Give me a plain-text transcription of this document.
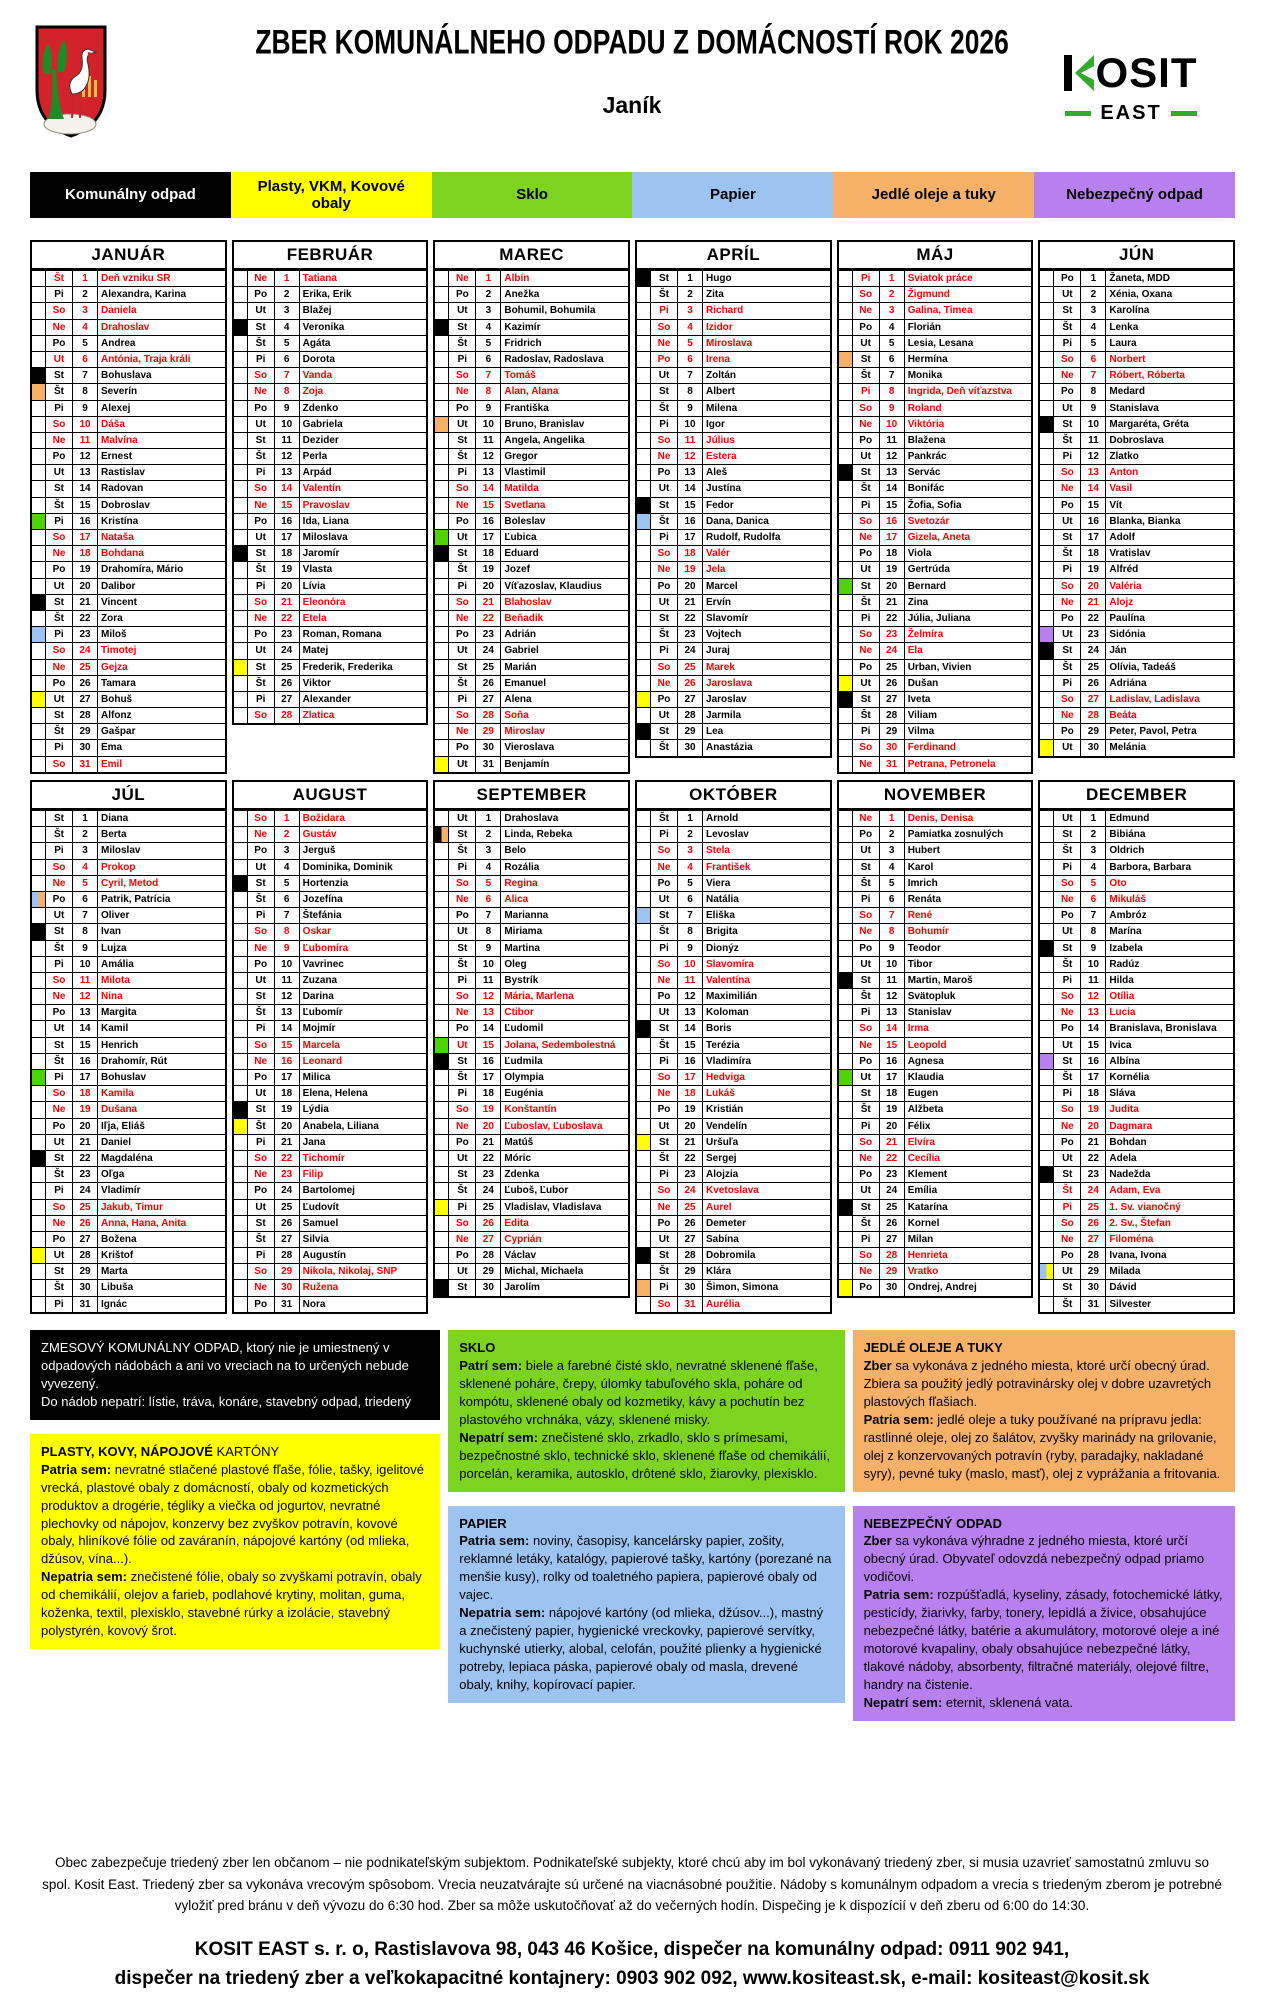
ZBER KOMUNÁLNEHO ODPADU Z DOMÁCNOSTÍ ROK 2026
Janík
OSIT
EAST
Komunálny odpad
Plasty, VKM, Kovové obaly
Sklo	Papier	Jedlé oleje a tuky	Nebezpečný odpad
JANUÁR
Št	1	Deň vzniku SR
Pi	2	Alexandra, Karina
So	3	Daniela
Ne	4	Drahoslav
Po	5	Andrea
Ut	6	Antónia, Traja králi
St	7	Bohuslava
Št	8	Severín
Pi	9	Alexej
So	10	Dáša
Ne	11	Malvína
Po	12	Ernest
Ut	13	Rastislav
St	14	Radovan
Št	15	Dobroslav
Pi	16	Kristína
So	17	Nataša
Ne	18	Bohdana
Po	19	Drahomíra, Mário
Ut	20	Dalibor
St	21	Vincent
Št	22	Zora
Pi	23	Miloš
So	24	Timotej
Ne	25	Gejza
Po	26	Tamara
Ut	27	Bohuš
St	28	Alfonz
Št	29	Gašpar
Pi	30	Ema
So	31	Emil
FEBRUÁR
Ne	1	Tatiana
Po	2	Erika, Erik
Ut	3	Blažej
St	4	Veronika
Št	5	Agáta
Pi	6	Dorota
So	7	Vanda
Ne	8	Zoja
Po	9	Zdenko
Ut	10	Gabriela
St	11	Dezider
Št	12	Perla
Pi	13	Arpád
So	14	Valentín
Ne	15	Pravoslav
Po	16	Ida, Liana
Ut	17	Miloslava
St	18	Jaromír
Št	19	Vlasta
Pi	20	Lívia
So	21	Eleonóra
Ne	22	Etela
Po	23	Roman, Romana
Ut	24	Matej
St	25	Frederik, Frederika
Št	26	Viktor
Pi	27	Alexander
So	28	Zlatica
MAREC
Ne	1	Albín
Po	2	Anežka
Ut	3	Bohumil, Bohumila
St	4	Kazimír
Št	5	Fridrich
Pi	6	Radoslav, Radoslava
So	7	Tomáš
Ne	8	Alan, Alana
Po	9	Františka
Ut	10	Bruno, Branislav
St	11	Angela, Angelika
Št	12	Gregor
Pi	13	Vlastimil
So	14	Matilda
Ne	15	Svetlana
Po	16	Boleslav
Ut	17	Ľubica
St	18	Eduard
Št	19	Jozef
Pi	20	Víťazoslav, Klaudius
So	21	Blahoslav
Ne	22	Beňadik
Po	23	Adrián
Ut	24	Gabriel
St	25	Marián
Št	26	Emanuel
Pi	27	Alena
So	28	Soňa
Ne	29	Miroslav
Po	30	Vieroslava
Ut	31	Benjamín
APRÍL
St	1	Hugo
Št	2	Zita
Pi	3	Richard
So	4	Izidor
Ne	5	Miroslava
Po	6	Irena
Ut	7	Zoltán
St	8	Albert
Št	9	Milena
Pi	10	Igor
So	11	Július
Ne	12	Estera
Po	13	Aleš
Ut	14	Justína
St	15	Fedor
Št	16	Dana, Danica
Pi	17	Rudolf, Rudolfa
So	18	Valér
Ne	19	Jela
Po	20	Marcel
Ut	21	Ervín
St	22	Slavomír
Št	23	Vojtech
Pi	24	Juraj
So	25	Marek
Ne	26	Jaroslava
Po	27	Jaroslav
Ut	28	Jarmila
St	29	Lea
Št	30	Anastázia
MÁJ
Pi	1	Sviatok práce
So	2	Žigmund
Ne	3	Galina, Timea
Po	4	Florián
Ut	5	Lesia, Lesana
St	6	Hermína
Št	7	Monika
Pi	8	Ingrida, Deň víťazstva
So	9	Roland
Ne	10	Viktória
Po	11	Blažena
Ut	12	Pankrác
St	13	Servác
Št	14	Bonifác
Pi	15	Žofia, Sofia
So	16	Svetozár
Ne	17	Gizela, Aneta
Po	18	Viola
Ut	19	Gertrúda
St	20	Bernard
Št	21	Zina
Pi	22	Júlia, Juliana
So	23	Želmíra
Ne	24	Ela
Po	25	Urban, Vivien
Ut	26	Dušan
St	27	Iveta
Št	28	Viliam
Pi	29	Vilma
So	30	Ferdinand
Ne	31	Petrana, Petronela
JÚN
Po	1	Žaneta, MDD
Ut	2	Xénia, Oxana
St	3	Karolína
Št	4	Lenka
Pi	5	Laura
So	6	Norbert
Ne	7	Róbert, Róberta
Po	8	Medard
Ut	9	Stanislava
St	10	Margaréta, Gréta
Št	11	Dobroslava
Pi	12	Zlatko
So	13	Anton
Ne	14	Vasil
Po	15	Vít
Ut	16	Blanka, Bianka
St	17	Adolf
Št	18	Vratislav
Pi	19	Alfréd
So	20	Valéria
Ne	21	Alojz
Po	22	Paulína
Ut	23	Sidónia
St	24	Ján
Št	25	Olívia, Tadeáš
Pi	26	Adriána
So	27	Ladislav, Ladislava
Ne	28	Beáta
Po	29	Peter, Pavol, Petra
Ut	30	Melánia
JÚL
St	1	Diana
Št	2	Berta
Pi	3	Miloslav
So	4	Prokop
Ne	5	Cyril, Metod
Po	6	Patrik, Patrícia
Ut	7	Oliver
St	8	Ivan
Št	9	Lujza
Pi	10	Amália
So	11	Milota
Ne	12	Nina
Po	13	Margita
Ut	14	Kamil
St	15	Henrich
Št	16	Drahomír, Rút
Pi	17	Bohuslav
So	18	Kamila
Ne	19	Dušana
Po	20	Iľja, Eliáš
Ut	21	Daniel
St	22	Magdaléna
Št	23	Oľga
Pi	24	Vladimír
So	25	Jakub, Timur
Ne	26	Anna, Hana, Anita
Po	27	Božena
Ut	28	Krištof
St	29	Marta
Št	30	Libuša
Pi	31	Ignác
AUGUST
So	1	Božidara
Ne	2	Gustáv
Po	3	Jerguš
Ut	4	Dominika, Dominik
St	5	Hortenzia
Št	6	Jozefína
Pi	7	Štefánia
So	8	Oskar
Ne	9	Ľubomíra
Po	10	Vavrinec
Ut	11	Zuzana
St	12	Darina
Št	13	Ľubomír
Pi	14	Mojmír
So	15	Marcela
Ne	16	Leonard
Po	17	Milica
Ut	18	Elena, Helena
St	19	Lýdia
Št	20	Anabela, Liliana
Pi	21	Jana
So	22	Tichomír
Ne	23	Filip
Po	24	Bartolomej
Ut	25	Ľudovít
St	26	Samuel
Št	27	Silvia
Pi	28	Augustín
So	29	Nikola, Nikolaj, SNP
Ne	30	Ružena
Po	31	Nora
SEPTEMBER
Ut	1	Drahoslava
St	2	Linda, Rebeka
Št	3	Belo
Pi	4	Rozália
So	5	Regina
Ne	6	Alica
Po	7	Marianna
Ut	8	Miriama
St	9	Martina
Št	10	Oleg
Pi	11	Bystrík
So	12	Mária, Marlena
Ne	13	Ctibor
Po	14	Ľudomil
Ut	15	Jolana, Sedembolestná
St	16	Ľudmila
Št	17	Olympia
Pi	18	Eugénia
So	19	Konštantín
Ne	20	Ľuboslav, Ľuboslava
Po	21	Matúš
Ut	22	Móric
St	23	Zdenka
Št	24	Ľuboš, Ľubor
Pi	25	Vladislav, Vladislava
So	26	Edita
Ne	27	Cyprián
Po	28	Václav
Ut	29	Michal, Michaela
St	30	Jarolím
OKTÓBER
Št	1	Arnold
Pi	2	Levoslav
So	3	Stela
Ne	4	František
Po	5	Viera
Ut	6	Natália
St	7	Eliška
Št	8	Brigita
Pi	9	Dionýz
So	10	Slavomíra
Ne	11	Valentína
Po	12	Maximilián
Ut	13	Koloman
St	14	Boris
Št	15	Terézia
Pi	16	Vladimíra
So	17	Hedviga
Ne	18	Lukáš
Po	19	Kristián
Ut	20	Vendelín
St	21	Uršuľa
Št	22	Sergej
Pi	23	Alojzia
So	24	Kvetoslava
Ne	25	Aurel
Po	26	Demeter
Ut	27	Sabína
St	28	Dobromila
Št	29	Klára
Pi	30	Šimon, Simona
So	31	Aurélia
NOVEMBER
Ne	1	Denis, Denisa
Po	2	Pamiatka zosnulých
Ut	3	Hubert
St	4	Karol
Št	5	Imrich
Pi	6	Renáta
So	7	René
Ne	8	Bohumír
Po	9	Teodor
Ut	10	Tibor
St	11	Martin, Maroš
Št	12	Svätopluk
Pi	13	Stanislav
So	14	Irma
Ne	15	Leopold
Po	16	Agnesa
Ut	17	Klaudia
St	18	Eugen
Št	19	Alžbeta
Pi	20	Félix
So	21	Elvíra
Ne	22	Cecília
Po	23	Klement
Ut	24	Emília
St	25	Katarína
Št	26	Kornel
Pi	27	Milan
So	28	Henrieta
Ne	29	Vratko
Po	30	Ondrej, Andrej
DECEMBER
Ut	1	Edmund
St	2	Bibiána
Št	3	Oldrich
Pi	4	Barbora, Barbara
So	5	Oto
Ne	6	Mikuláš
Po	7	Ambróz
Ut	8	Marína
St	9	Izabela
Št	10	Radúz
Pi	11	Hilda
So	12	Otília
Ne	13	Lucia
Po	14	Branislava, Bronislava
Ut	15	Ivica
St	16	Albína
Št	17	Kornélia
Pi	18	Sláva
So	19	Judita
Ne	20	Dagmara
Po	21	Bohdan
Ut	22	Adela
St	23	Nadežda
Št	24	Adam, Eva
Pi	25	1. Sv. vianočný
So	26	2. Sv., Štefan
Ne	27	Filoména
Po	28	Ivana, Ivona
Ut	29	Milada
St	30	Dávid
Št	31	Silvester

ZMESOVÝ KOMUNÁLNY ODPAD, ktorý nie je umiestnený v odpadových nádobách a ani vo vreciach na to určených nebude vyvezený.

Do nádob nepatrí: lístie, tráva, konáre, stavebný odpad, triedený

PLASTY, KOVY, NÁPOJOVÉ KARTÓNY

Patria sem: nevratné stlačené plastové fľaše, fólie, tašky, igelitové vrecká, plastové obaly z domácností, obaly od kozmetických produktov a drogérie, tégliky a viečka od jogurtov, nevratné plechovky od nápojov, konzervy bez zvyškov potravín, kovové obaly, hliníkové fólie od zaváranín, nápojové kartóny (od mlieka, džúsov, vína...).

Nepatria sem: znečistené fólie, obaly so zvyškami potravín, obaly od chemikálií, olejov a farieb, podlahové krytiny, molitan, guma, koženka, textil, plexisklo, stavebné rúrky a izolácie, stavebný polystyrén, kovový šrot.

SKLO

Patrí sem: biele a farebné čisté sklo, nevratné sklenené fľaše, sklenené poháre, črepy, úlomky tabuľového skla, poháre od kompótu, sklenené obaly od kozmetiky, kávy a pochutín bez plastového vrchnáka, vázy, sklenené misky.

Nepatrí sem: znečistené sklo, zrkadlo, sklo s prímesami, bezpečnostné sklo, technické sklo, sklenené fľaše od chemikálií, porcelán, keramika, autosklo, drôtené sklo, žiarovky, plexisklo.

PAPIER

Patria sem: noviny, časopisy, kancelársky papier, zošity, reklamné letáky, katalógy, papierové tašky, kartóny (porezané na menšie kusy), rolky od toaletného papiera, papierové obaly od vajec.

Nepatria sem: nápojové kartóny (od mlieka, džúsov...), mastný a znečistený papier, hygienické vreckovky, papierové servítky, kuchynské utierky, alobal, celofán, použité plienky a hygienické potreby, lepiaca páska, papierové obaly od masla, drevené obaly, knihy, kopírovací papier.

JEDLÉ OLEJE A TUKY

Zber sa vykonáva z jedného miesta, ktoré určí obecný úrad. Zbiera sa použitý jedlý potravinársky olej v dobre uzavretých plastových fľašiach.

Patria sem: jedlé oleje a tuky používané na prípravu jedla: rastlinné oleje, olej zo šalátov, zvyšky marinády na grilovanie, olej z konzervovaných potravín (ryby, paradajky, nakladané syry), pevné tuky (maslo, masť), olej z vyprážania a fritovania.

NEBEZPEČNÝ ODPAD

Zber sa vykonáva výhradne z jedného miesta, ktoré určí obecný úrad. Obyvateľ odovzdá nebezpečný odpad priamo vodičovi.

Patria sem: rozpúšťadlá, kyseliny, zásady, fotochemické látky, pesticídy, žiarivky, farby, tonery, lepidlá a živice, obsahujúce nebezpečné látky, batérie a akumulátory, motorové oleje a iné motorové kvapaliny, obaly obsahujúce nebezpečné látky, tlakové nádoby, absorbenty, filtračné materiály, olejové filtre, handry na čistenie.

Nepatrí sem: eternit, sklenená vata.

Obec zabezpečuje triedený zber len občanom – nie podnikateľským subjektom. Podnikateľské subjekty, ktoré chcú aby im bol vykonávaný triedený zber, si musia uzavrieť samostatnú zmluvu so spol. Kosit East. Triedený zber sa vykonáva vrecovým spôsobom. Vrecia neuzatvárajte sú určené na viacnásobné použitie. Nádoby s komunálnym odpadom a vrecia s triedeným zberom je potrebné vyložiť pred bránu v deň vývozu do 6:30 hod. Zber sa môže uskutočňovať až do večerných hodín. Dispečing je k dispozícií v deň zberu od 6:00 do 14:30.
KOSIT EAST s. r. o, Rastislavova 98, 043 46 Košice, dispečer na komunálny odpad: 0911 902 941,
dispečer na triedený zber a veľkokapacitné kontajnery: 0903 902 092, www.kositeast.sk, e-mail: kositeast@kosit.sk
